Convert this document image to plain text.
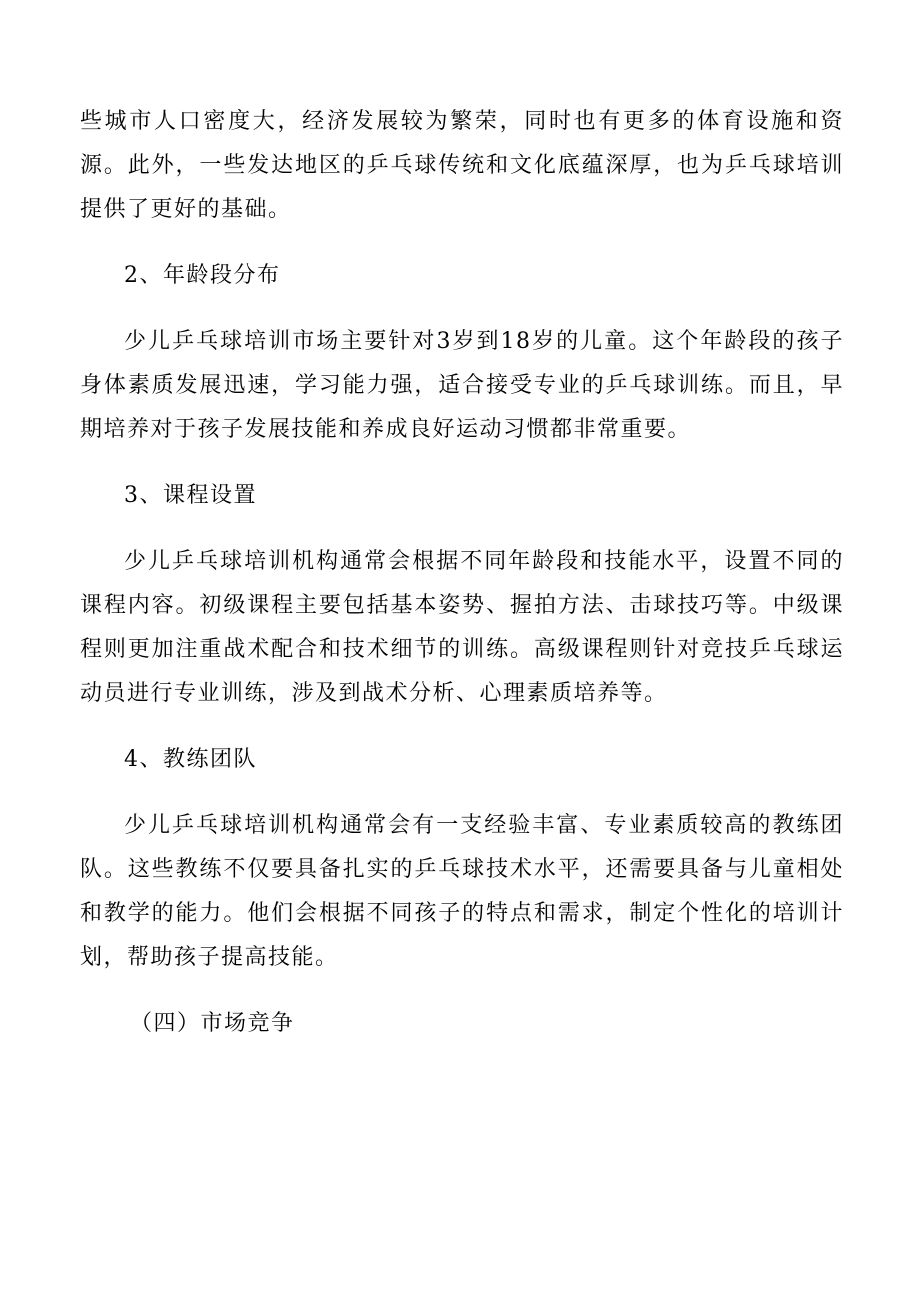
些城市人口密度大，经济发展较为繁荣，同时也有更多的体育设施和资源。此外，一些发达地区的乒乓球传统和文化底蕴深厚，也为乒乓球培训提供了更好的基础。

2、年龄段分布

少儿乒乓球培训市场主要针对3岁到18岁的儿童。这个年龄段的孩子身体素质发展迅速，学习能力强，适合接受专业的乒乓球训练。而且，早期培养对于孩子发展技能和养成良好运动习惯都非常重要。

3、课程设置

少儿乒乓球培训机构通常会根据不同年龄段和技能水平，设置不同的课程内容。初级课程主要包括基本姿势、握拍方法、击球技巧等。中级课程则更加注重战术配合和技术细节的训练。高级课程则针对竞技乒乓球运动员进行专业训练，涉及到战术分析、心理素质培养等。

4、教练团队

少儿乒乓球培训机构通常会有一支经验丰富、专业素质较高的教练团队。这些教练不仅要具备扎实的乒乓球技术水平，还需要具备与儿童相处和教学的能力。他们会根据不同孩子的特点和需求，制定个性化的培训计划，帮助孩子提高技能。

（四）市场竞争
